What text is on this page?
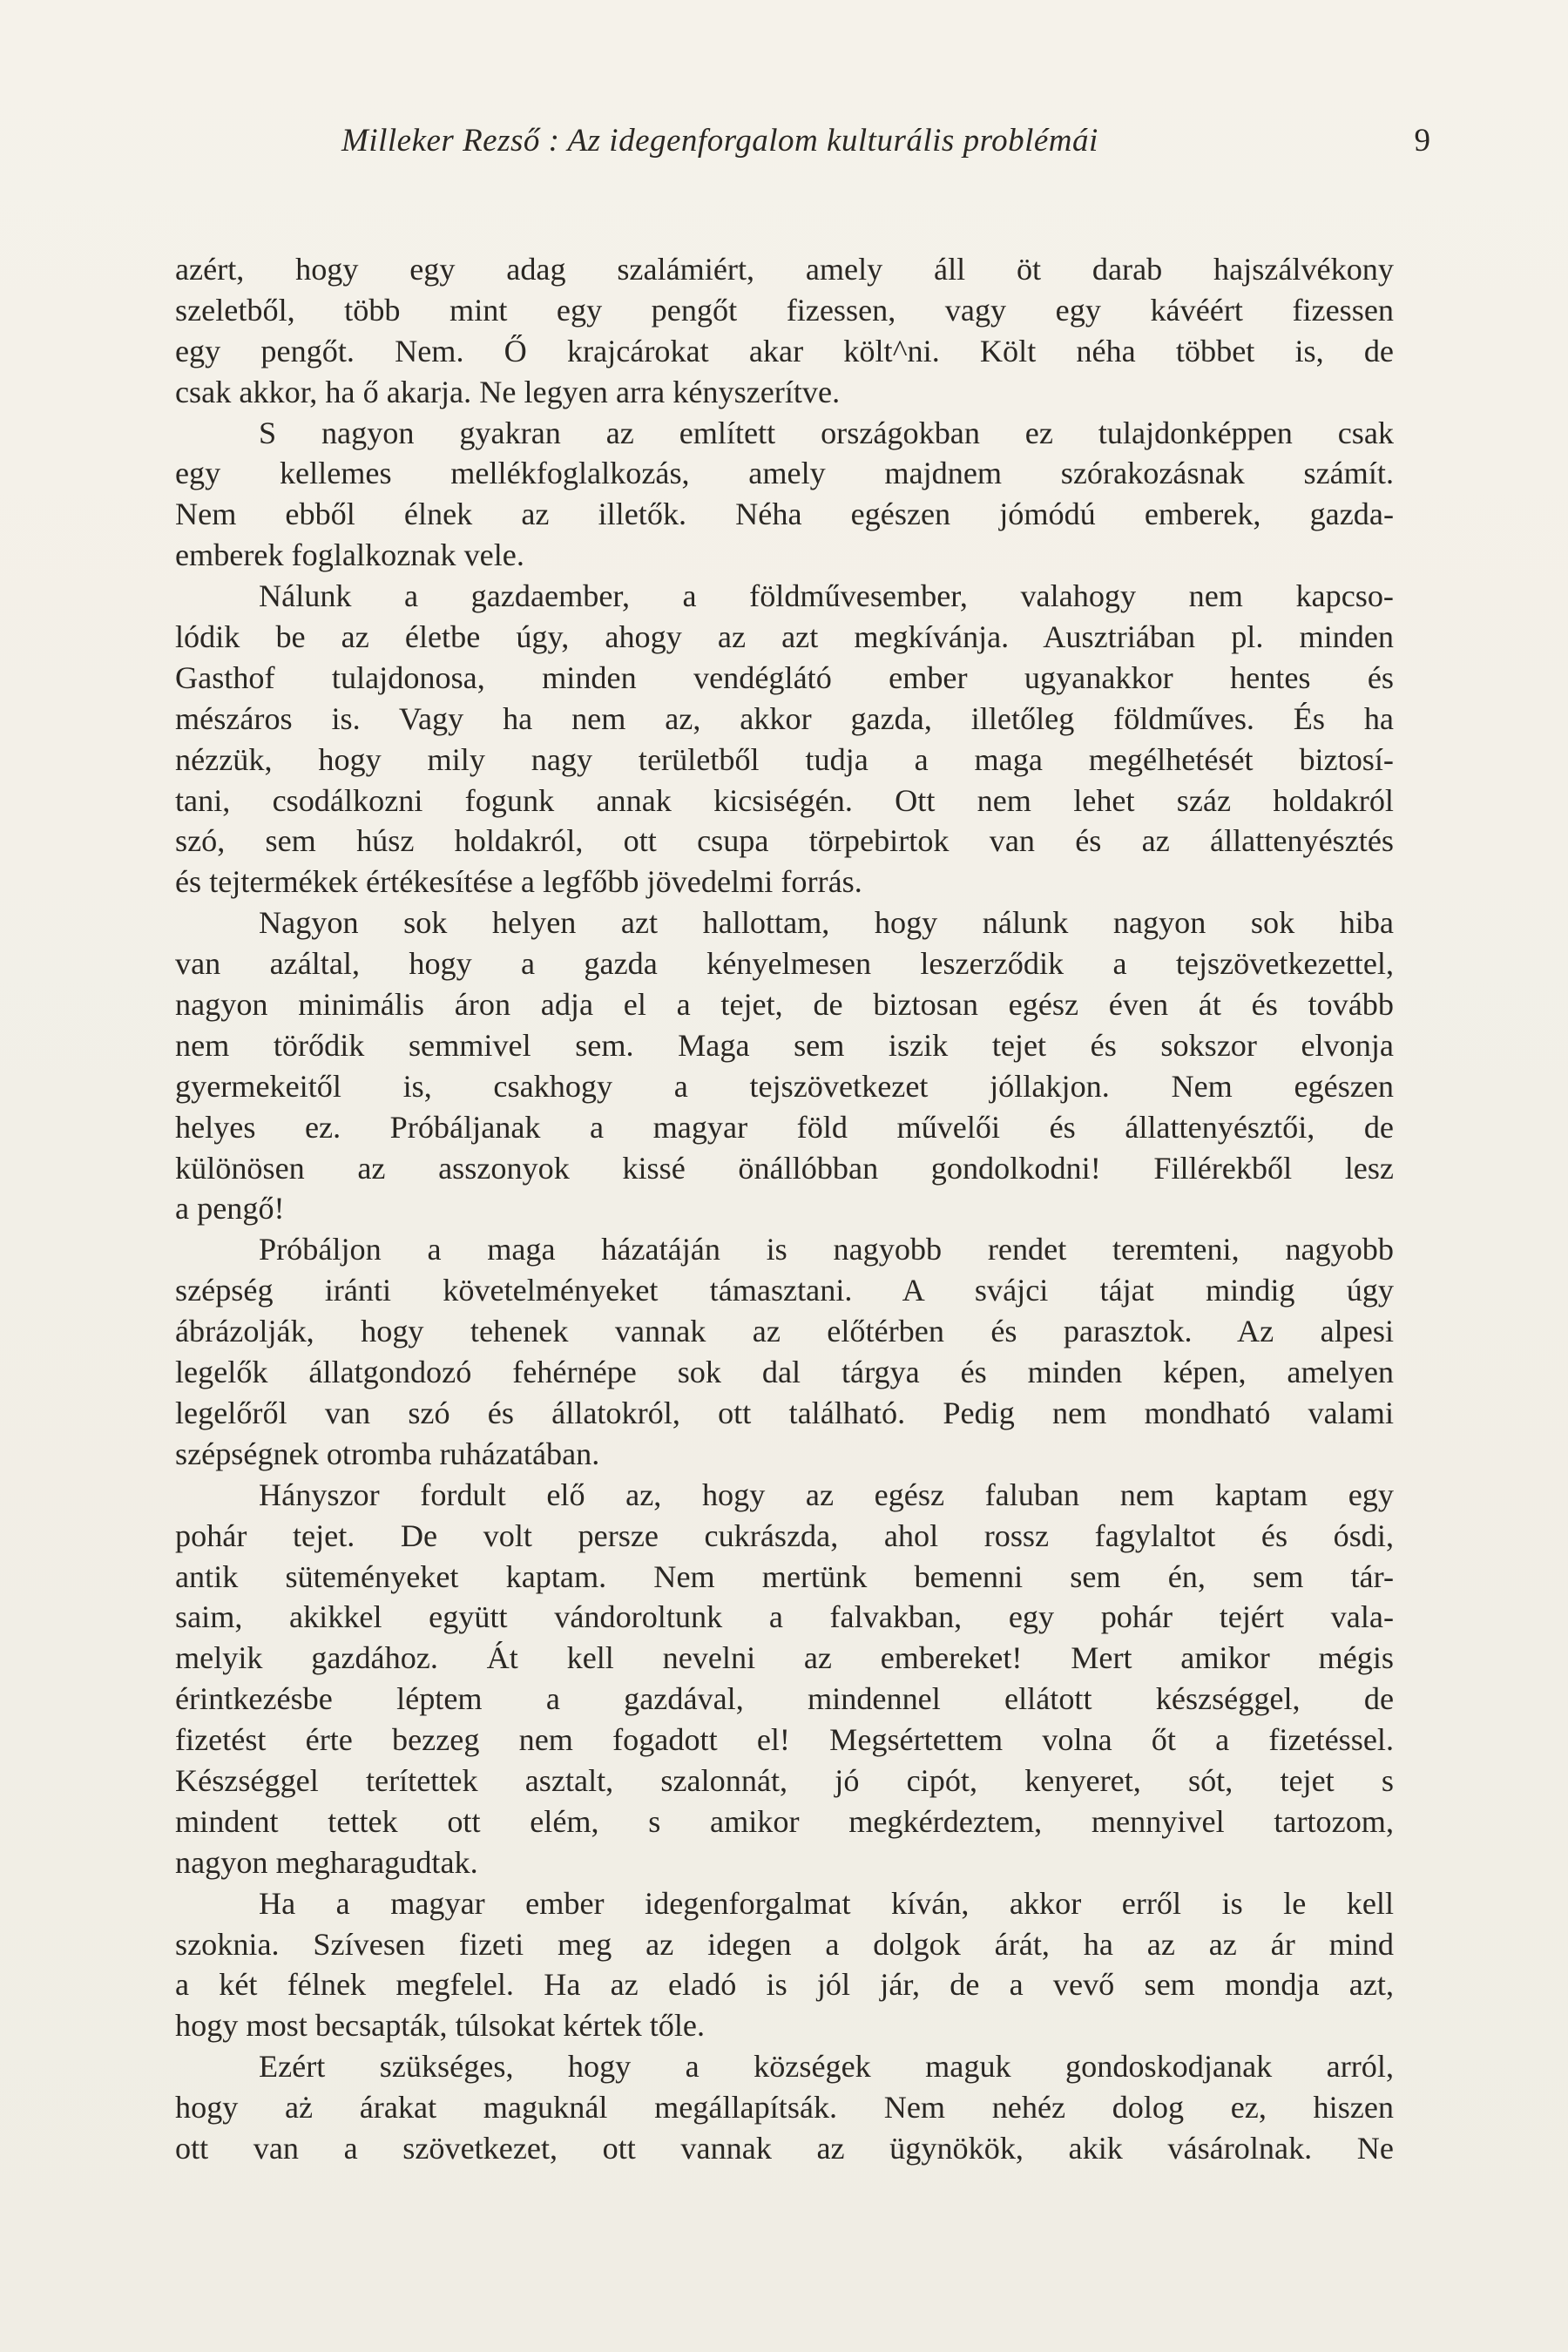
Milleker Rezső : Az idegenforgalom kulturális problémái	9
azért, hogy egy adag szalámiért, amely áll öt darab hajszálvékony
szeletből, több mint egy pengőt fizessen, vagy egy kávéért fizessen
egy pengőt. Nem. Ő krajcárokat akar költ^ni. Költ néha többet is, de
csak akkor, ha ő akarja. Ne legyen arra kényszerítve.
S nagyon gyakran az említett országokban ez tulajdonképpen csak
egy kellemes mellékfoglalkozás, amely majdnem szórakozásnak számít.
Nem ebből élnek az illetők. Néha egészen jómódú emberek, gazda-
emberek foglalkoznak vele.
Nálunk a gazdaember, a földművesember, valahogy nem kapcso-
lódik be az életbe úgy, ahogy az azt megkívánja. Ausztriában pl. minden
Gasthof tulajdonosa, minden vendéglátó ember ugyanakkor hentes és
mészáros is. Vagy ha nem az, akkor gazda, illetőleg földműves. És ha
nézzük, hogy mily nagy területből tudja a maga megélhetését biztosí-
tani, csodálkozni fogunk annak kicsiségén. Ott nem lehet száz holdakról
szó, sem húsz holdakról, ott csupa törpebirtok van és az állattenyésztés
és tejtermékek értékesítése a legfőbb jövedelmi forrás.
Nagyon sok helyen azt hallottam, hogy nálunk nagyon sok hiba
van azáltal, hogy a gazda kényelmesen leszerződik a tejszövetkezettel,
nagyon minimális áron adja el a tejet, de biztosan egész éven át és tovább
nem törődik semmivel sem. Maga sem iszik tejet és sokszor elvonja
gyermekeitől is, csakhogy a tejszövetkezet jóllakjon. Nem egészen
helyes ez. Próbáljanak a magyar föld művelői és állattenyésztői, de
különösen az asszonyok kissé önállóbban gondolkodni! Fillérekből lesz
a pengő!
Próbáljon a maga házatáján is nagyobb rendet teremteni, nagyobb
szépség iránti követelményeket támasztani. A svájci tájat mindig úgy
ábrázolják, hogy tehenek vannak az előtérben és parasztok. Az alpesi
legelők állatgondozó fehérnépe sok dal tárgya és minden képen, amelyen
legelőről van szó és állatokról, ott található. Pedig nem mondható valami
szépségnek otromba ruházatában.
Hányszor fordult elő az, hogy az egész faluban nem kaptam egy
pohár tejet. De volt persze cukrászda, ahol rossz fagylaltot és ósdi,
antik süteményeket kaptam. Nem mertünk bemenni sem én, sem tár-
saim, akikkel együtt vándoroltunk a falvakban, egy pohár tejért vala-
melyik gazdához. Át kell nevelni az embereket! Mert amikor mégis
érintkezésbe léptem a gazdával, mindennel ellátott készséggel, de
fizetést érte bezzeg nem fogadott el! Megsértettem volna őt a fizetéssel.
Készséggel terítettek asztalt, szalonnát, jó cipót, kenyeret, sót, tejet s
mindent tettek ott elém, s amikor megkérdeztem, mennyivel tartozom,
nagyon megharagudtak.
Ha a magyar ember idegenforgalmat kíván, akkor erről is le kell
szoknia. Szívesen fizeti meg az idegen a dolgok árát, ha az az ár mind
a két félnek megfelel. Ha az eladó is jól jár, de a vevő sem mondja azt,
hogy most becsapták, túlsokat kértek tőle.
Ezért szükséges, hogy a községek maguk gondoskodjanak arról,
hogy aż árakat maguknál megállapítsák. Nem nehéz dolog ez, hiszen
ott van a szövetkezet, ott vannak az ügynökök, akik vásárolnak. Ne
